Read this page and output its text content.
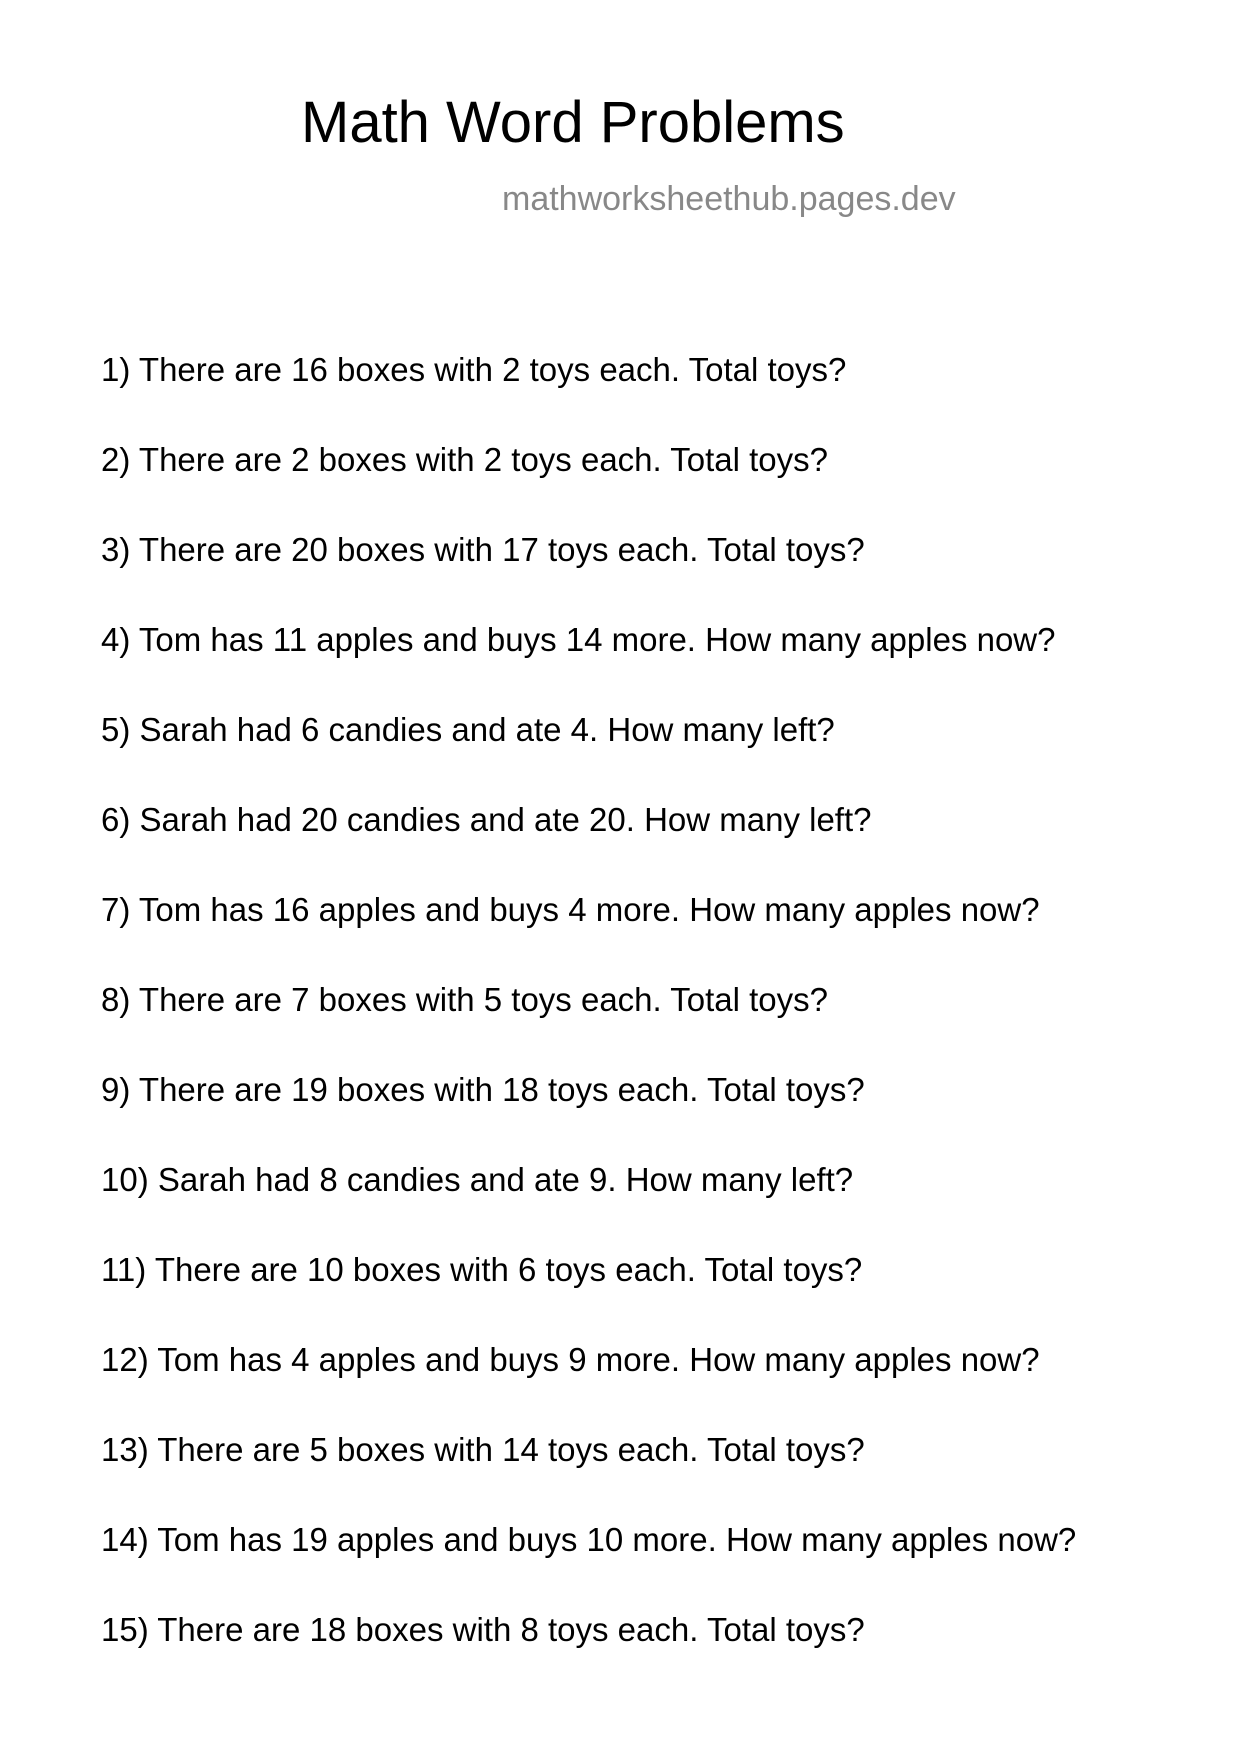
Math Word Problems

mathworksheethub.pages.dev

1) There are 16 boxes with 2 toys each. Total toys?
2) There are 2 boxes with 2 toys each. Total toys?
3) There are 20 boxes with 17 toys each. Total toys?
4) Tom has 11 apples and buys 14 more. How many apples now?
5) Sarah had 6 candies and ate 4. How many left?
6) Sarah had 20 candies and ate 20. How many left?
7) Tom has 16 apples and buys 4 more. How many apples now?
8) There are 7 boxes with 5 toys each. Total toys?
9) There are 19 boxes with 18 toys each. Total toys?
10) Sarah had 8 candies and ate 9. How many left?
11) There are 10 boxes with 6 toys each. Total toys?
12) Tom has 4 apples and buys 9 more. How many apples now?
13) There are 5 boxes with 14 toys each. Total toys?
14) Tom has 19 apples and buys 10 more. How many apples now?
15) There are 18 boxes with 8 toys each. Total toys?
